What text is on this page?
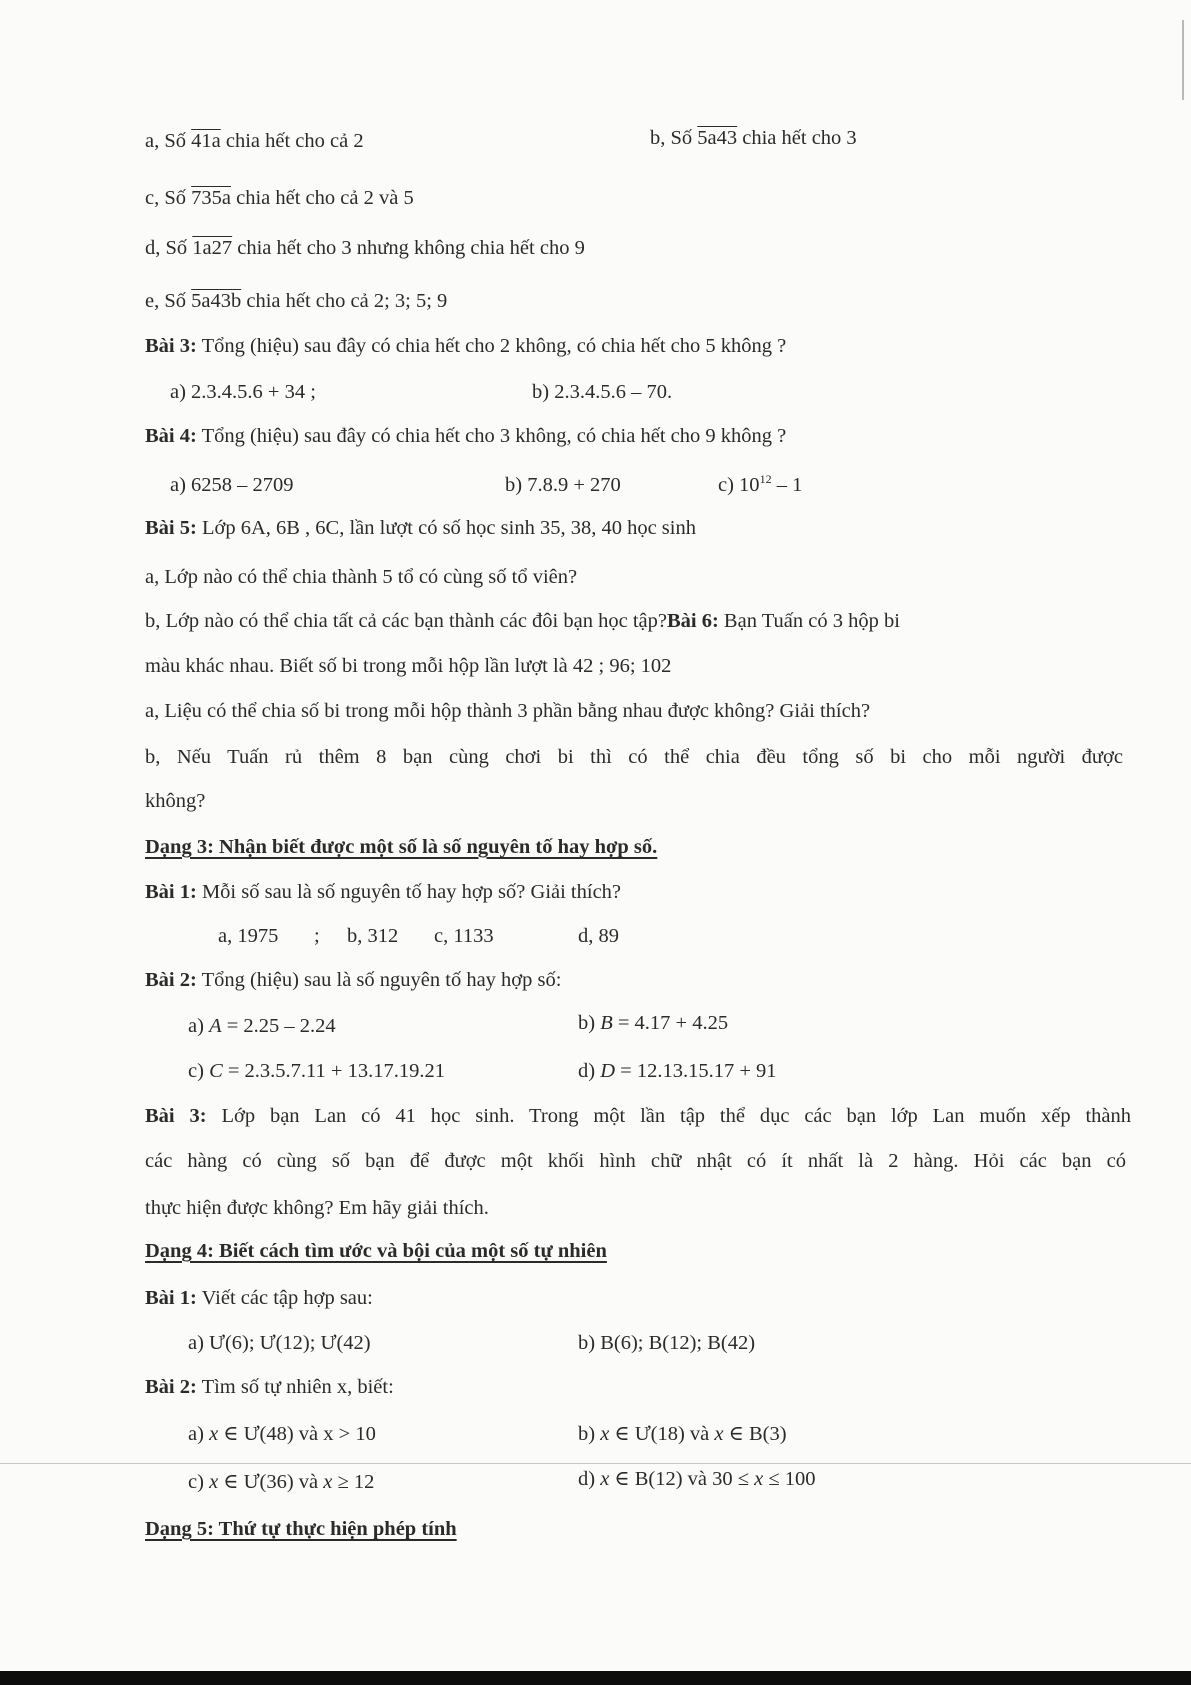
a, Số 41a chia hết cho cả 2	b, Số 5a43 chia hết cho 3
c, Số 735a chia hết cho cả 2 và 5
d, Số 1a27 chia hết cho 3 nhưng không chia hết cho 9
e, Số 5a43b chia hết cho cả 2; 3; 5; 9
Bài 3: Tổng (hiệu) sau đây có chia hết cho 2 không, có chia hết cho 5 không ?
a) 2.3.4.5.6 + 34 ;	b) 2.3.4.5.6 – 70.
Bài 4: Tổng (hiệu) sau đây có chia hết cho 3 không, có chia hết cho 9 không ?
a) 6258 – 2709	b) 7.8.9 + 270	c) $10^{12} - 1$
Bài 5: Lớp 6A, 6B , 6C, lần lượt có số học sinh 35, 38, 40 học sinh
a, Lớp nào có thể chia thành 5 tổ có cùng số tổ viên?
b, Lớp nào có thể chia tất cả các bạn thành các đôi bạn học tập?Bài 6: Bạn Tuấn có 3 hộp bi
màu khác nhau. Biết số bi trong mỗi hộp lần lượt là 42 ; 96; 102
a, Liệu có thể chia số bi trong mỗi hộp thành 3 phần bằng nhau được không? Giải thích?
b, Nếu Tuấn rủ thêm 8 bạn cùng chơi bi thì có thể chia đều tổng số bi cho mỗi người được
không?
Dạng 3: Nhận biết được một số là số nguyên tố hay hợp số.
Bài 1: Mỗi số sau là số nguyên tố hay hợp số? Giải thích?
a, 1975 ; b, 312 c, 1133	d, 89
Bài 2: Tổng (hiệu) sau là số nguyên tố hay hợp số:
a) A = 2.25 – 2.24	b) B = 4.17 + 4.25
c) C = 2.3.5.7.11 + 13.17.19.21	d) D = 12.13.15.17 + 91
Bài 3: Lớp bạn Lan có 41 học sinh. Trong một lần tập thể dục các bạn lớp Lan muốn xếp thành
các hàng có cùng số bạn để được một khối hình chữ nhật có ít nhất là 2 hàng. Hỏi các bạn có
thực hiện được không? Em hãy giải thích.
Dạng 4: Biết cách tìm ước và bội của một số tự nhiên
Bài 1: Viết các tập hợp sau:
a) Ư(6); Ư(12); Ư(42)	b) B(6); B(12); B(42)
Bài 2: Tìm số tự nhiên x, biết:
a) x ∈ Ư(48) và x > 10	b) x ∈ Ư(18) và x ∈ B(3)
c) x ∈ Ư(36) và x ≥ 12	d) x ∈ B(12) và 30 ≤ x ≤ 100
Dạng 5: Thứ tự thực hiện phép tính
